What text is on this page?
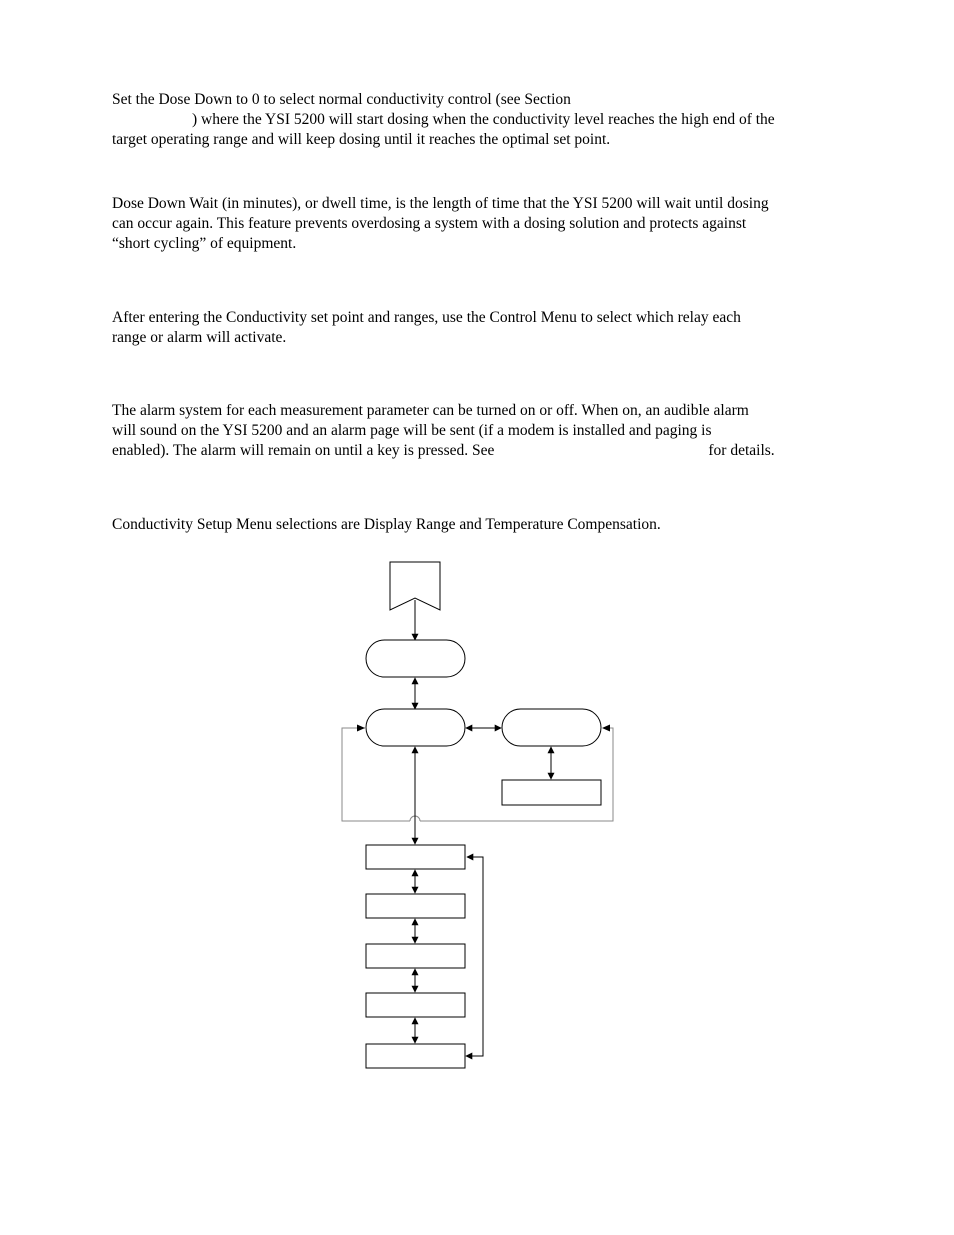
Set the Dose Down to 0 to select normal conductivity control (see Section
) where the YSI 5200 will start dosing when the conductivity level reaches the high end of the
target operating range and will keep dosing until it reaches the optimal set point.

Dose Down Wait (in minutes), or dwell time, is the length of time that the YSI 5200 will wait until dosing
can occur again. This feature prevents overdosing a system with a dosing solution and protects against
“short cycling” of equipment.

After entering the Conductivity set point and ranges, use the Control Menu to select which relay each
range or alarm will activate.

The alarm system for each measurement parameter can be turned on or off. When on, an audible alarm
will sound on the YSI 5200 and an alarm page will be sent (if a modem is installed and paging is
enabled). The alarm will remain on until a key is pressed. See	for details.

Conductivity Setup Menu selections are Display Range and Temperature Compensation.
